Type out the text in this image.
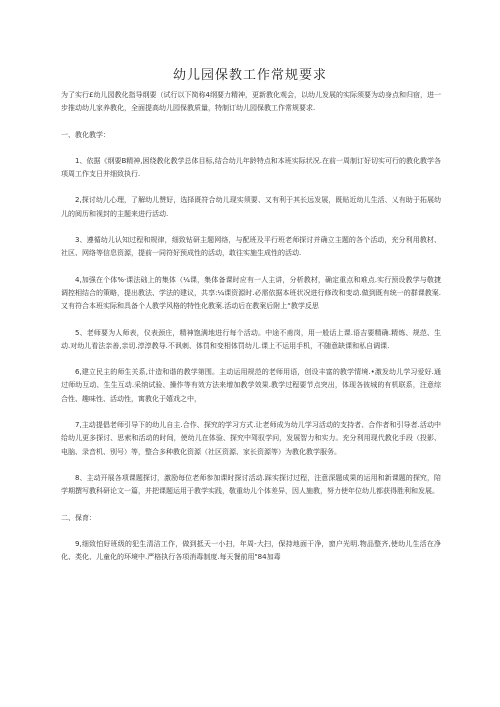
幼儿园保教工作常规要求

为了实行£幼儿园教化指导纲要（试行以下简称4纲要力精神，更新教化观会，以幼儿发展的实际须要为动身点和归宿，进一步推动幼儿家养教化，全面提高幼儿园保教质量，特制订幼儿园保教工作常规要求.

一、教化教学：

1、依据《纲要B精神,困绕教化教学总体目标,结合幼儿年龄特点和本班实际状况.在前一周制订好切实可行的教化教学各项周工作支日并细致执行.

2,探讨幼儿心理，了解幼儿赞好，选择既符合幼儿现实须要、又有利于其长远发展，既贴近幼儿生活、乂有助于拓展幼儿的阅历和视封的主题来进行活动.

3、遵循幼儿认知过程和规律，细致钻研主题网络，与配班及平行班老师探讨并确立主题的各个活动，充分利用教材、社区、网络等信息资源，提前一同符好预成性的活动，敢往实施生成性的活动.

4,加强在个体%·课法础上的集体（¼课，集体备课时应有一人主讲，分析教材，确定重点和难点.实行预设教学与敬捷调控相结合的策略，提出教法、学法的建议，共享:¼课资源时.必需依据本班状况进行修改和变动.做到既有统一的群课教案.又有符合本班实际和具备个人教学风格的特性化教案.活动后在教案后附上“教学反思

5、老师要为人师表，仪表颈庄，精神饱满地进行每个活动。中途不甫岗，用一般话上课.语吉要精确.精炼、规范、生动.对幼儿看法亲善,亲切.淳淳教导.不讽刺、体罚和变相体罚幼儿.课上不运用手机，不随意缺课和私自调课.

6,建立民主的师生关系,计造和谐的教学第围。主动运用规范的老师用语，创设丰富的教学情境.•激发幼儿学习爱好.通过师幼互动、生生互动.采纳试验、操作等有效方法来增加教学效果.教学过程要节点突出，体现各彼城的有机联系，注意综合性、趣味性、活动性，寓教化于嬉戏之中，

7,主动提倡老师引导下的幼儿自主.合作、探究的学习方式.让老师成为幼儿学习活动的支持者、合作者和引导者.活动中给幼儿更多探讨、思索和活动的时间，使幼儿在体验、探究中驾驭学问，发展智力和实力。充分利用现代教化手段（投影、电脑、录音机、别号）等，整合多种教化资源（社区资源、家长资源等）为教化教学服务。

8、主动开展各项课题探讨，激励每位老师参加课时探讨活动.踩实探讨过程，注意深题成果的运用和新课题的探究，陪学期撰写教科研论文一篇，并把课题运用于教学实践，敬重幼儿个体差异，因人施教，努力使年位幼儿都获得胜利和发展。

二、保育：

9,细致怕好班级的犯生清洁工作，做到抵天一小扫，年周-大扫，保持地面干净，窗户光明.物品整齐,使幼儿生活在净化、类化、儿童化的环境中.严格执行各项消毒制度.每天餐前用"84加毒
